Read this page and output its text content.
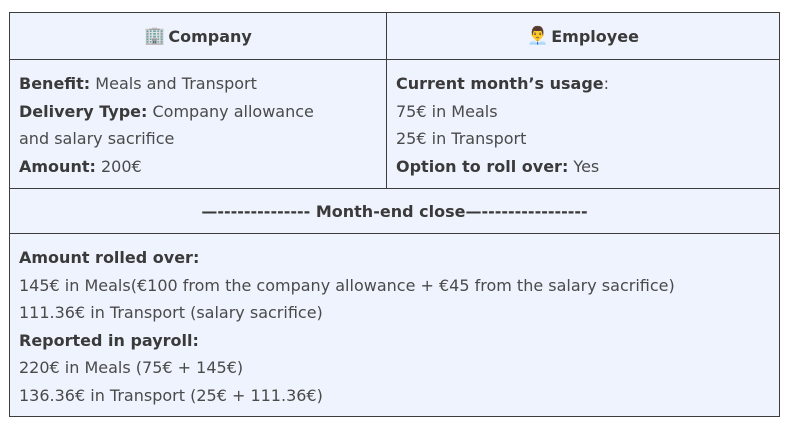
🏢 Company	👨‍💼 Employee
Benefit: Meals and Transport
Delivery Type: Company allowance
and salary sacrifice
Amount: 200€
Current month’s usage:
75€ in Meals
25€ in Transport
Option to roll over: Yes
—-------------- Month-end close—----------------
Amount rolled over:
145€ in Meals(€100 from the company allowance + €45 from the salary sacrifice)
111.36€ in Transport (salary sacrifice)
Reported in payroll:
220€ in Meals (75€ + 145€)
136.36€ in Transport (25€ + 111.36€)
